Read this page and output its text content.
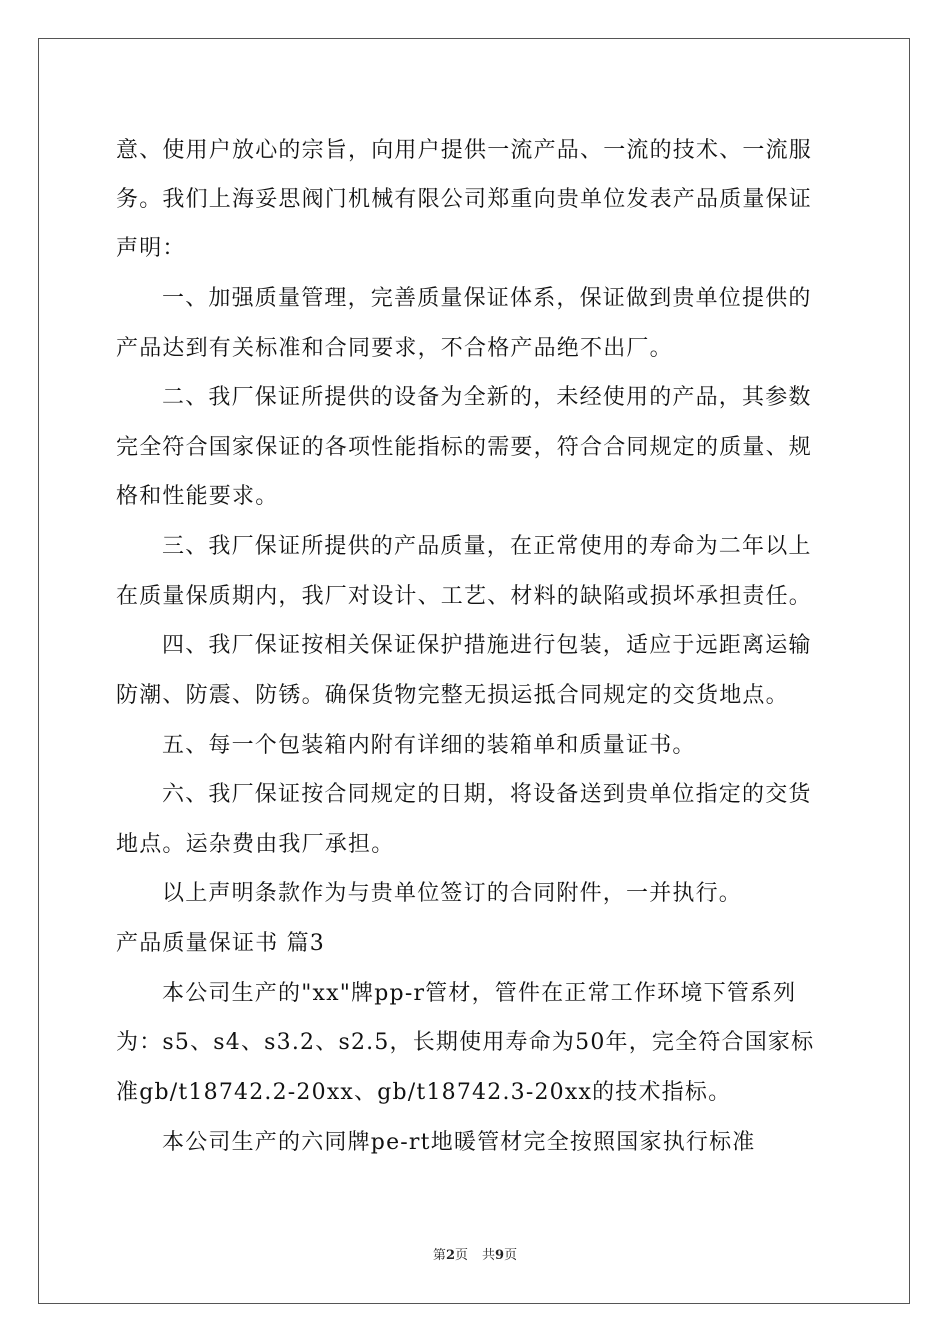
意、使用户放心的宗旨，向用户提供一流产品、一流的技术、一流服
务。我们上海妥思阀门机械有限公司郑重向贵单位发表产品质量保证
声明：
一、加强质量管理，完善质量保证体系，保证做到贵单位提供的
产品达到有关标准和合同要求，不合格产品绝不出厂。
二、我厂保证所提供的设备为全新的，未经使用的产品，其参数
完全符合国家保证的各项性能指标的需要，符合合同规定的质量、规
格和性能要求。
三、我厂保证所提供的产品质量，在正常使用的寿命为二年以上
在质量保质期内，我厂对设计、工艺、材料的缺陷或损坏承担责任。
四、我厂保证按相关保证保护措施进行包装，适应于远距离运输
防潮、防震、防锈。确保货物完整无损运抵合同规定的交货地点。
五、每一个包装箱内附有详细的装箱单和质量证书。
六、我厂保证按合同规定的日期，将设备送到贵单位指定的交货
地点。运杂费由我厂承担。
以上声明条款作为与贵单位签订的合同附件，一并执行。
产品质量保证书 篇3
本公司生产的"xx"牌pp-r管材，管件在正常工作环境下管系列
为：s5、s4、s3.2、s2.5，长期使用寿命为50年，完全符合国家标
准gb/t18742.2-20xx、gb/t18742.3-20xx的技术指标。
本公司生产的六同牌pe-rt地暖管材完全按照国家执行标准
第2页 共9页
